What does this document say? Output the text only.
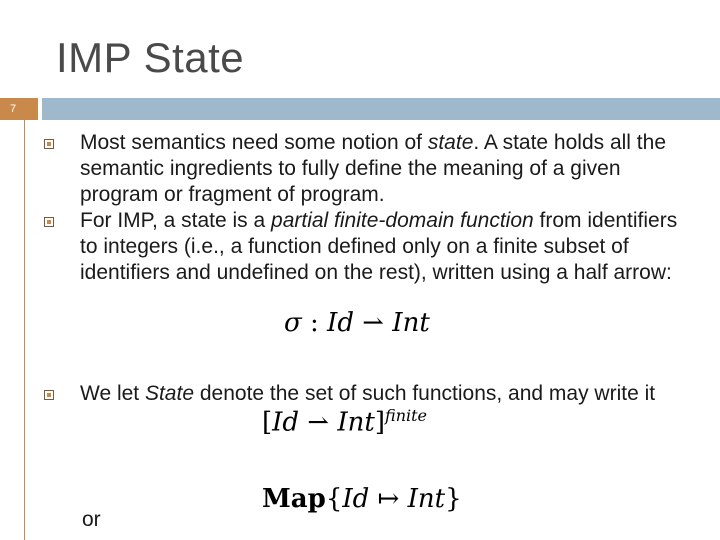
IMP State
7
Most semantics need some notion of state. A state holds all the semantic ingredients to fully define the meaning of a given program or fragment of program.
For IMP, a state is a partial finite-domain function from identifiers to integers (i.e., a function defined only on a finite subset of identifiers and undefined on the rest), written using a half arrow:
σ : Id ⇀ Int
We let State denote the set of such functions, and may write it
[Id ⇀ Int]$^{finite}$
Map{Id ↦ Int}
or
